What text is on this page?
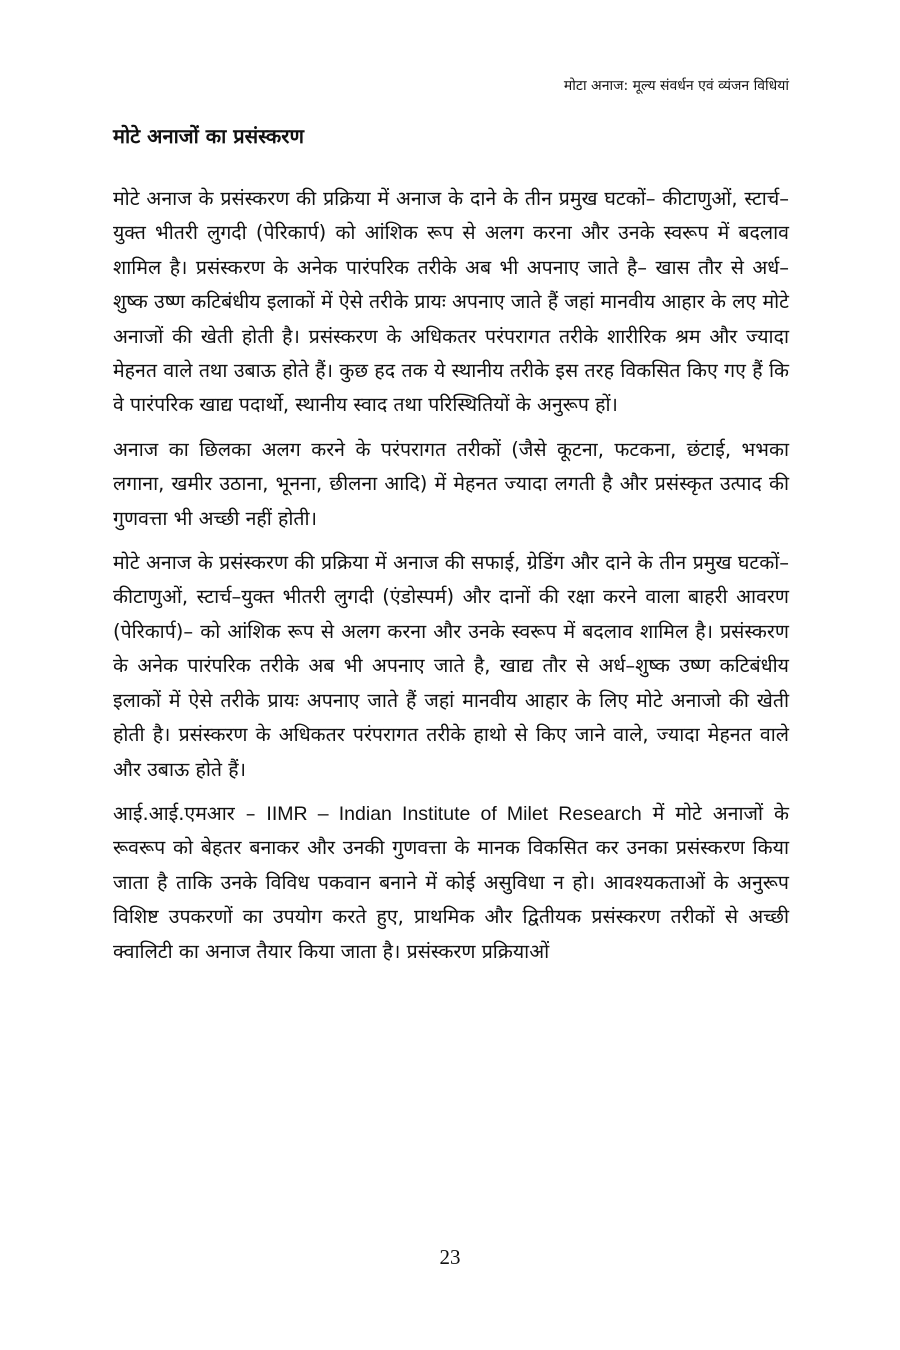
मोटा अनाज: मूल्य संवर्धन एवं व्यंजन विधियां
मोटे अनाजों का प्रसंस्करण

मोटे अनाज के प्रसंस्करण की प्रक्रिया में अनाज के दाने के तीन प्रमुख घटकों– कीटाणुओं, स्टार्च–युक्त भीतरी लुगदी (पेरिकार्प) को आंशिक रूप से अलग करना और उनके स्वरूप में बदलाव शामिल है। प्रसंस्करण के अनेक पारंपरिक तरीके अब भी अपनाए जाते है– खास तौर से अर्ध–शुष्क उष्ण कटिबंधीय इलाकों में ऐसे तरीके प्रायः अपनाए जाते हैं जहां मानवीय आहार के लए मोटे अनाजों की खेती होती है। प्रसंस्करण के अधिकतर परंपरागत तरीके शारीरिक श्रम और ज्यादा मेहनत वाले तथा उबाऊ होते हैं। कुछ हद तक ये स्थानीय तरीके इस तरह विकसित किए गए हैं कि वे पारंपरिक खाद्य पदार्थो, स्थानीय स्वाद तथा परिस्थितियों के अनुरूप हों।

अनाज का छिलका अलग करने के परंपरागत तरीकों (जैसे कूटना, फटकना, छंटाई, भभका लगाना, खमीर उठाना, भूनना, छीलना आदि) में मेहनत ज्यादा लगती है और प्रसंस्कृत उत्पाद की गुणवत्ता भी अच्छी नहीं होती।

मोटे अनाज के प्रसंस्करण की प्रक्रिया में अनाज की सफाई, ग्रेडिंग और दाने के तीन प्रमुख घटकों– कीटाणुओं, स्टार्च–युक्त भीतरी लुगदी (एंडोस्पर्म) और दानों की रक्षा करने वाला बाहरी आवरण (पेरिकार्प)– को आंशिक रूप से अलग करना और उनके स्वरूप में बदलाव शामिल है। प्रसंस्करण के अनेक पारंपरिक तरीके अब भी अपनाए जाते है, खाद्य तौर से अर्ध–शुष्क उष्ण कटिबंधीय इलाकों में ऐसे तरीके प्रायः अपनाए जाते हैं जहां मानवीय आहार के लिए मोटे अनाजो की खेती होती है। प्रसंस्करण के अधिकतर परंपरागत तरीके हाथो से किए जाने वाले, ज्यादा मेहनत वाले और उबाऊ होते हैं।

आई.आई.एमआर – IIMR – Indian Institute of Milet Research में मोटे अनाजों के रूवरूप को बेहतर बनाकर और उनकी गुणवत्ता के मानक विकसित कर उनका प्रसंस्करण किया जाता है ताकि उनके विविध पकवान बनाने में कोई असुविधा न हो। आवश्यकताओं के अनुरूप विशिष्ट उपकरणों का उपयोग करते हुए, प्राथमिक और द्वितीयक प्रसंस्करण तरीकों से अच्छी क्वालिटी का अनाज तैयार किया जाता है। प्रसंस्करण प्रक्रियाओं

23
